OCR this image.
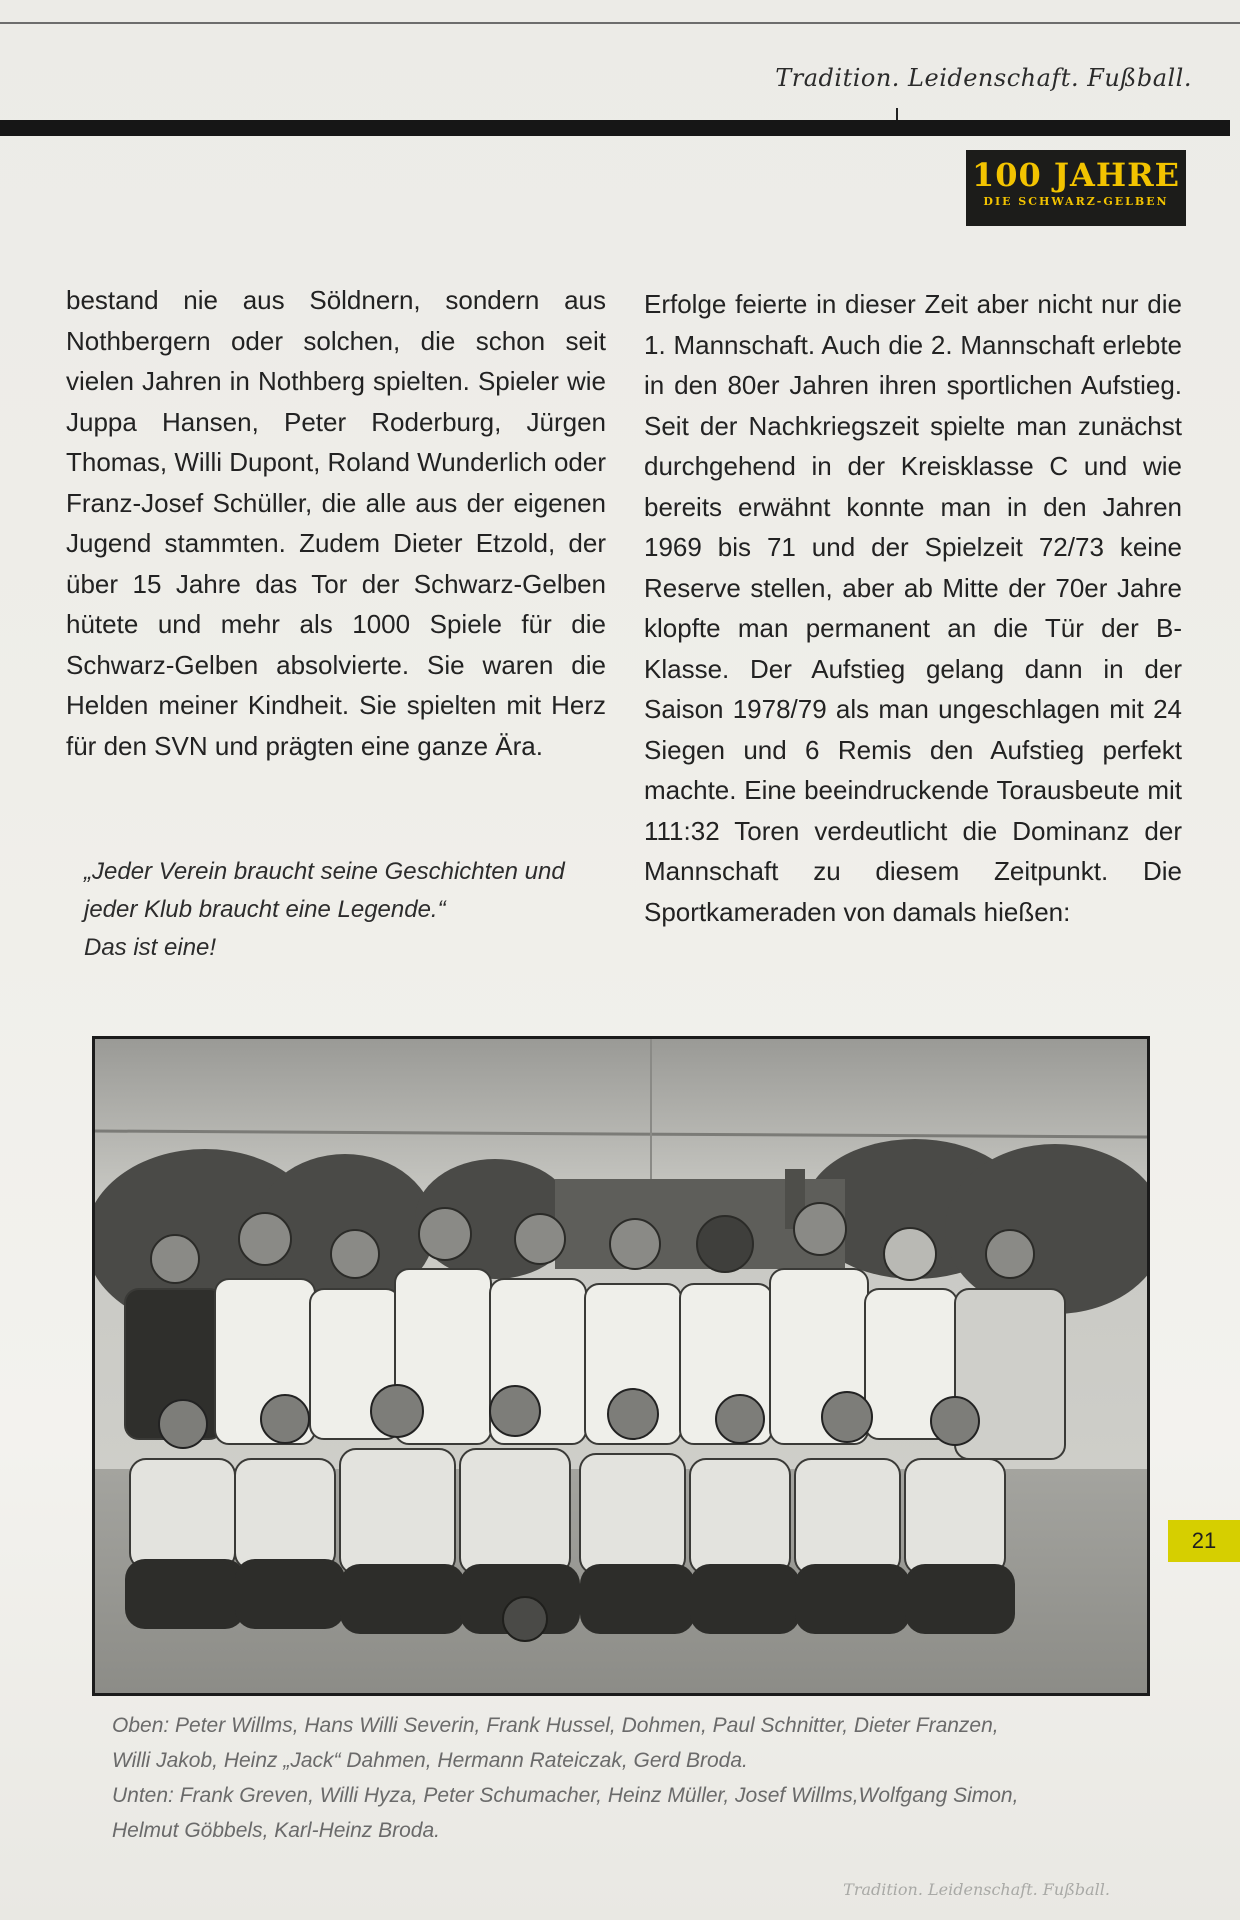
Tradition. Leidenschaft. Fußball.
100 JAHRE
DIE SCHWARZ-GELBEN

bestand nie aus Söldnern, sondern aus Nothbergern oder solchen, die schon seit vielen Jahren in Nothberg spielten. Spieler wie Juppa Hansen, Peter Roderburg, Jürgen Thomas, Willi Dupont, Roland Wunderlich oder Franz-Josef Schüller, die alle aus der eigenen Jugend stammten. Zudem Dieter Etzold, der über 15 Jahre das Tor der Schwarz-Gelben hütete und mehr als 1000 Spiele für die Schwarz-Gelben absolvierte. Sie waren die Helden meiner Kindheit. Sie spielten mit Herz für den SVN und prägten eine ganze Ära.

„Jeder Verein braucht seine Geschichten und
jeder Klub braucht eine Legende.“
Das ist eine!

Erfolge feierte in dieser Zeit aber nicht nur die 1. Mannschaft. Auch die 2. Mannschaft erlebte in den 80er Jahren ihren sportlichen Aufstieg. Seit der Nachkriegszeit spielte man zunächst durchgehend in der Kreisklasse C und wie bereits erwähnt konnte man in den Jahren 1969 bis 71 und der Spielzeit 72/73 keine Reserve stellen, aber ab Mitte der 70er Jahre klopfte man permanent an die Tür der B-Klasse. Der Aufstieg gelang dann in der Saison 1978/79 als man ungeschlagen mit 24 Siegen und 6 Remis den Aufstieg perfekt machte. Eine beeindruckende Torausbeute mit 111:32 Toren verdeutlicht die Dominanz der Mannschaft zu diesem Zeitpunkt. Die Sportkameraden von damals hießen:

Oben: Peter Willms, Hans Willi Severin, Frank Hussel, Dohmen, Paul Schnitter, Dieter Franzen,
Willi Jakob, Heinz „Jack“ Dahmen, Hermann Rateiczak, Gerd Broda.
Unten: Frank Greven, Willi Hyza, Peter Schumacher, Heinz Müller, Josef Willms,Wolfgang Simon,
Helmut Göbbels, Karl-Heinz Broda.

21
Tradition. Leidenschaft. Fußball.
